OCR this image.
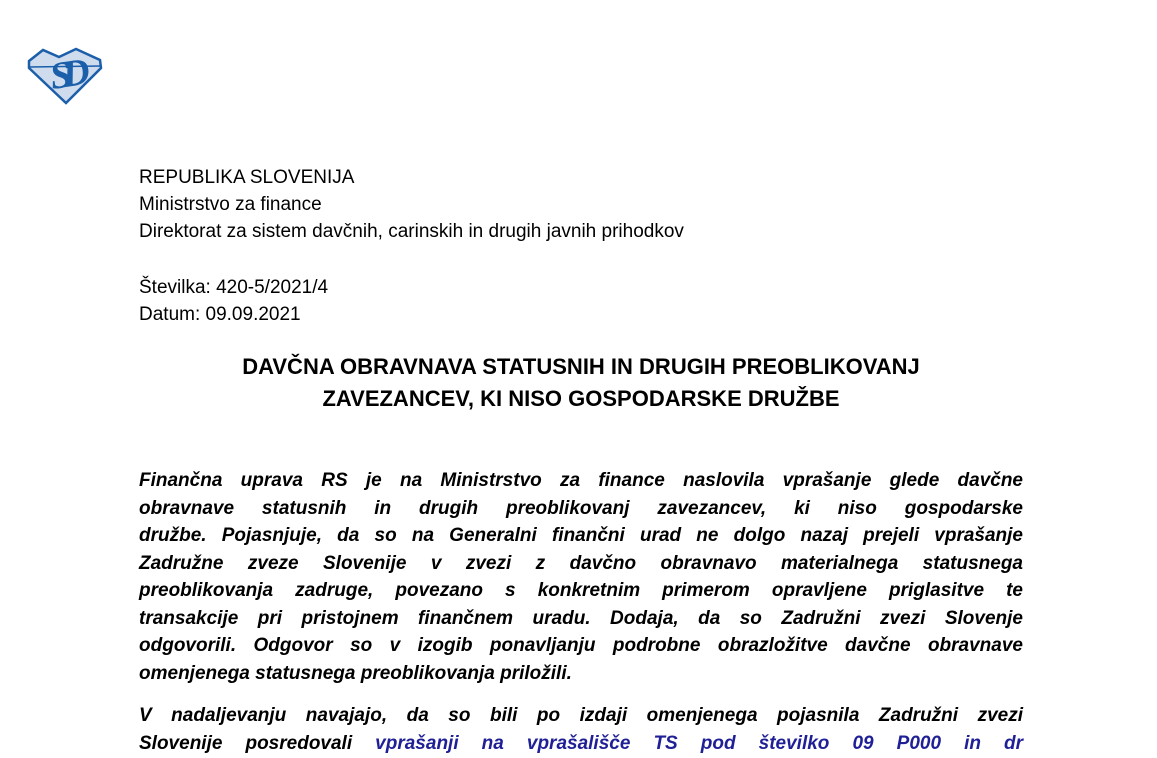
SD
REPUBLIKA SLOVENIJA
Ministrstvo za finance
Direktorat za sistem davčnih, carinskih in drugih javnih prihodkov
Številka: 420-5/2021/4
Datum: 09.09.2021
DAVČNA OBRAVNAVA STATUSNIH IN DRUGIH PREOBLIKOVANJ
ZAVEZANCEV, KI NISO GOSPODARSKE DRUŽBE
Finančna uprava RS je na Ministrstvo za finance naslovila vprašanje glede davčne
obravnave statusnih in drugih preoblikovanj zavezancev, ki niso gospodarske
družbe. Pojasnjuje, da so na Generalni finančni urad ne dolgo nazaj prejeli vprašanje
Zadružne zveze Slovenije v zvezi z davčno obravnavo materialnega statusnega
preoblikovanja zadruge, povezano s konkretnim primerom opravljene priglasitve te
transakcije pri pristojnem finančnem uradu. Dodaja, da so Zadružni zvezi Slovenje
odgovorili. Odgovor so v izogib ponavljanju podrobne obrazložitve davčne obravnave
omenjenega statusnega preoblikovanja priložili.
V nadaljevanju navajajo, da so bili po izdaji omenjenega pojasnila Zadružni zvezi
Slovenije posredovali vprašanji na vprašališče TS pod številko 09 P000 in dr
